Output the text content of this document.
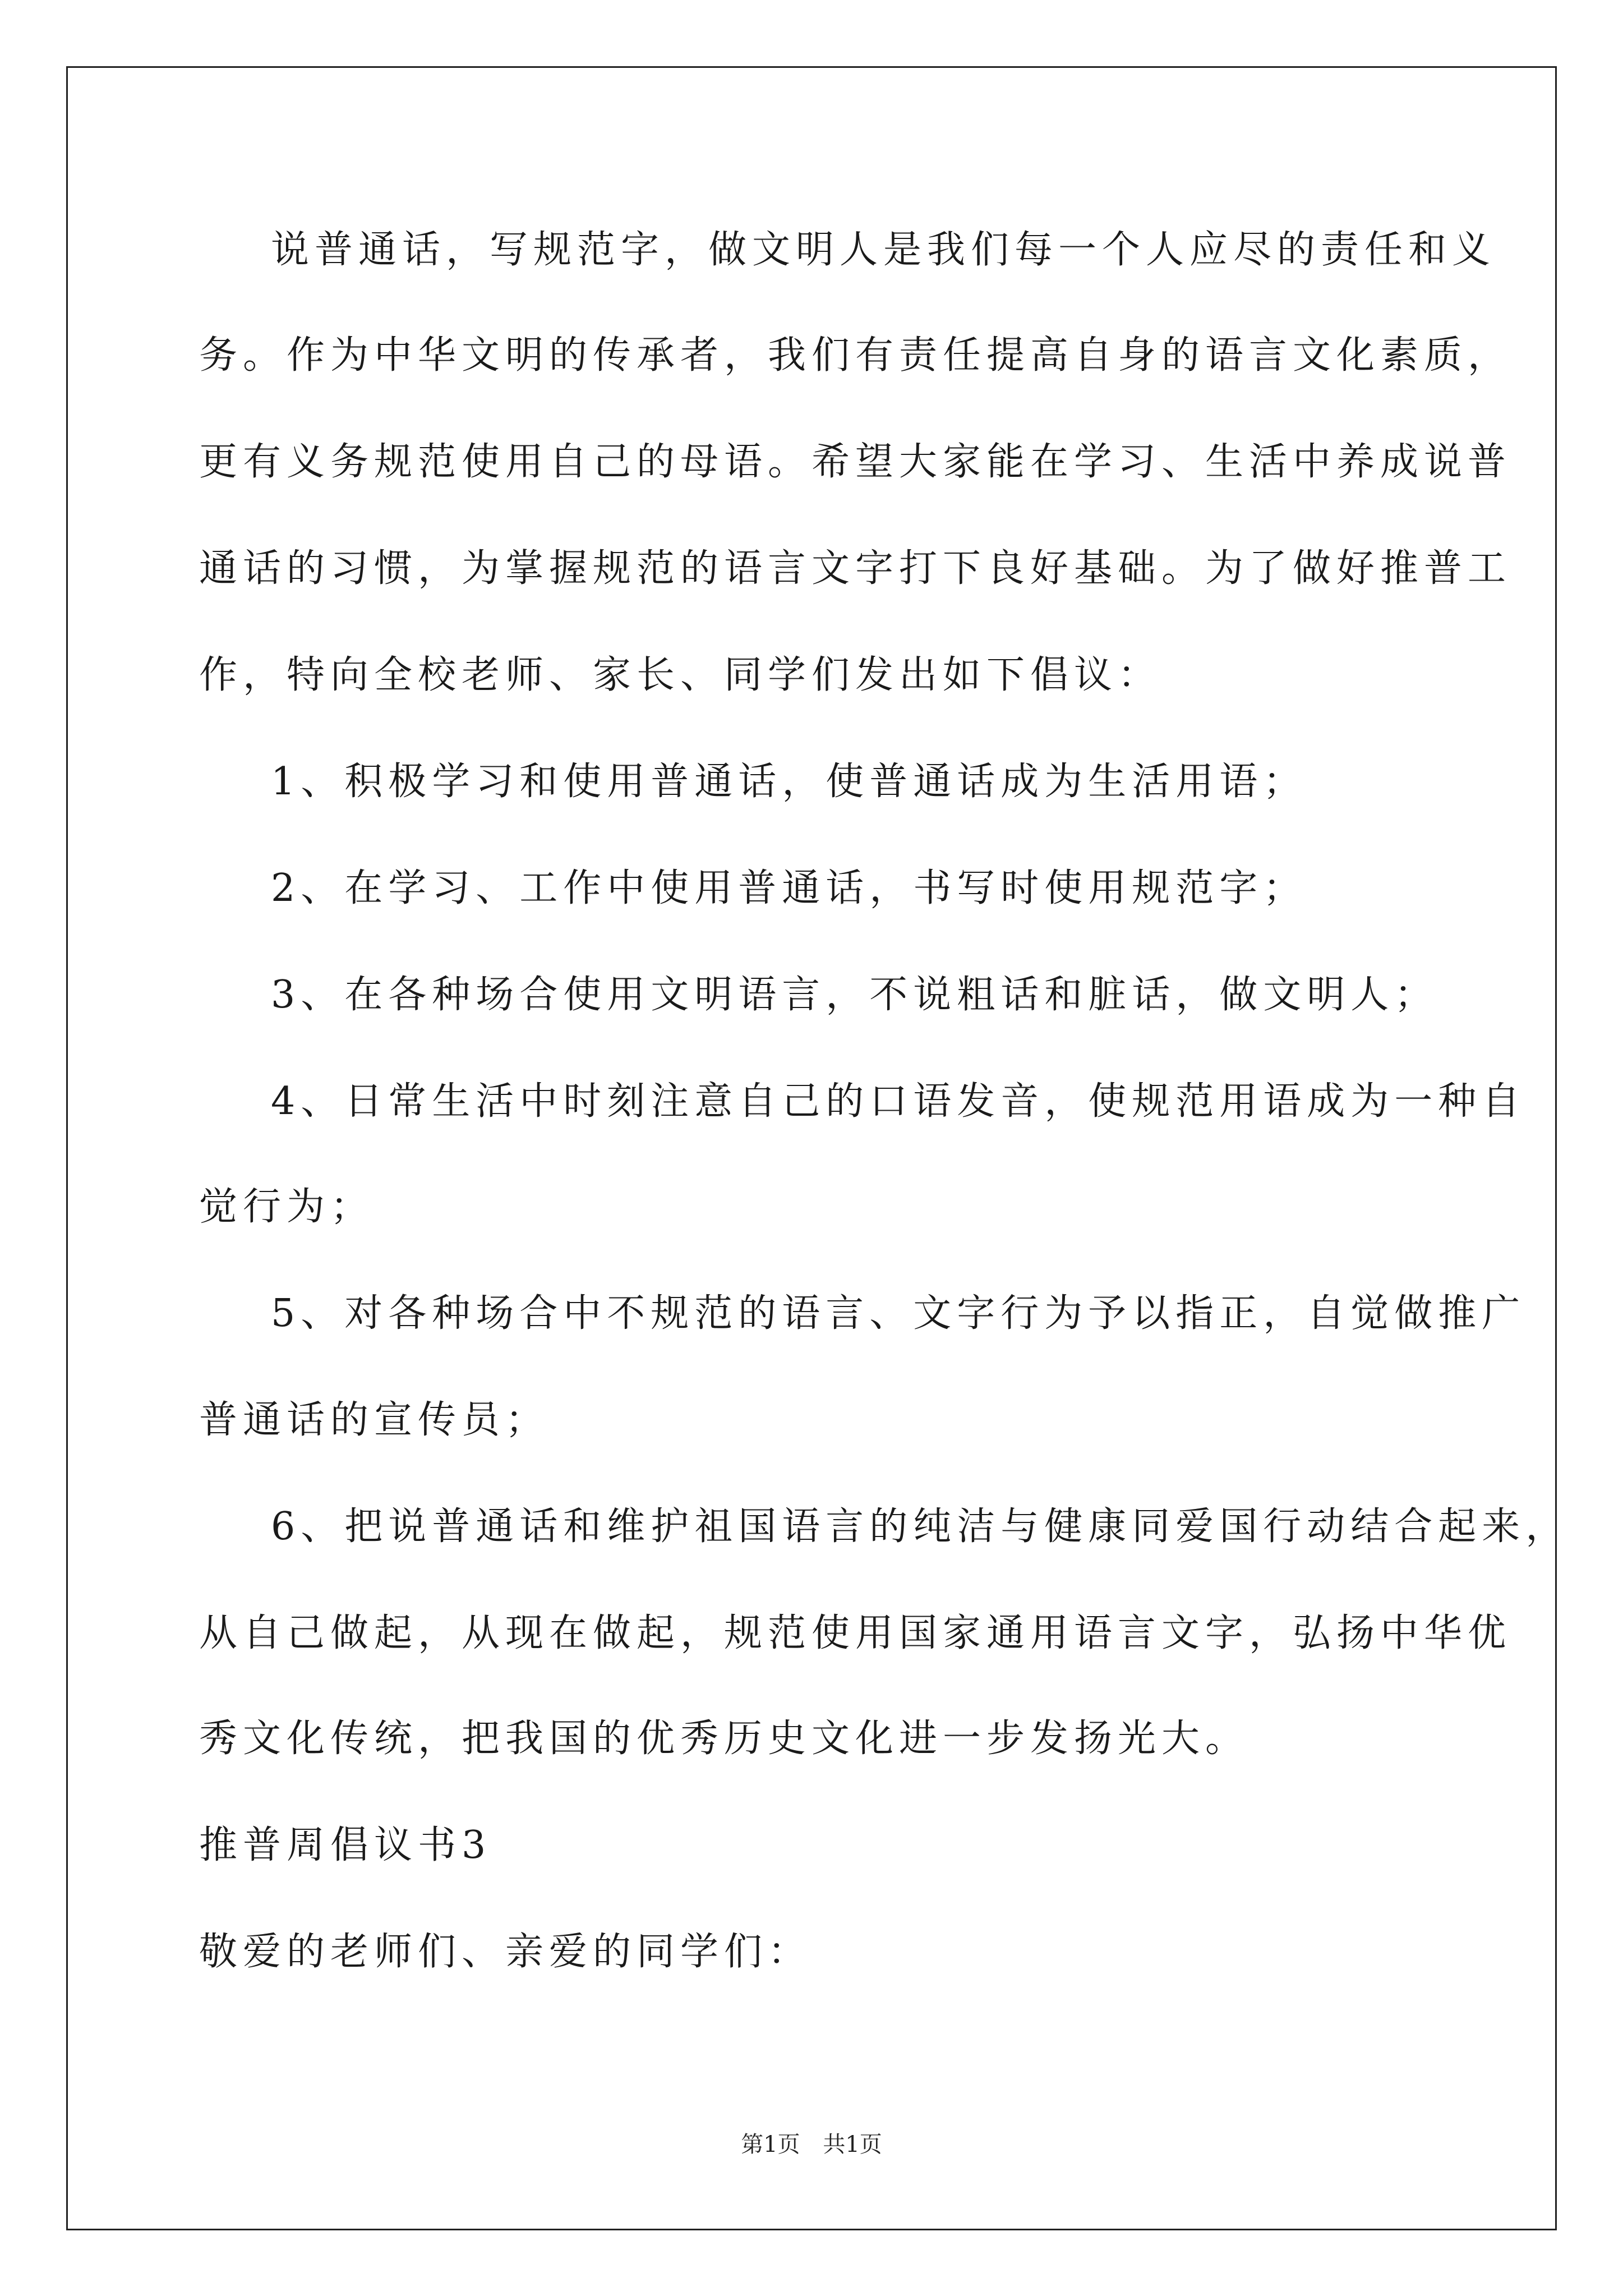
说普通话，写规范字，做文明人是我们每一个人应尽的责任和义
务。作为中华文明的传承者，我们有责任提高自身的语言文化素质，
更有义务规范使用自己的母语。希望大家能在学习、生活中养成说普
通话的习惯，为掌握规范的语言文字打下良好基础。为了做好推普工
作，特向全校老师、家长、同学们发出如下倡议：
1、积极学习和使用普通话，使普通话成为生活用语；
2、在学习、工作中使用普通话，书写时使用规范字；
3、在各种场合使用文明语言，不说粗话和脏话，做文明人；
4、日常生活中时刻注意自己的口语发音，使规范用语成为一种自
觉行为；
5、对各种场合中不规范的语言、文字行为予以指正，自觉做推广
普通话的宣传员；
6、把说普通话和维护祖国语言的纯洁与健康同爱国行动结合起来，
从自己做起，从现在做起，规范使用国家通用语言文字，弘扬中华优
秀文化传统，把我国的优秀历史文化进一步发扬光大。
推普周倡议书3
敬爱的老师们、亲爱的同学们：
第1页 共1页
